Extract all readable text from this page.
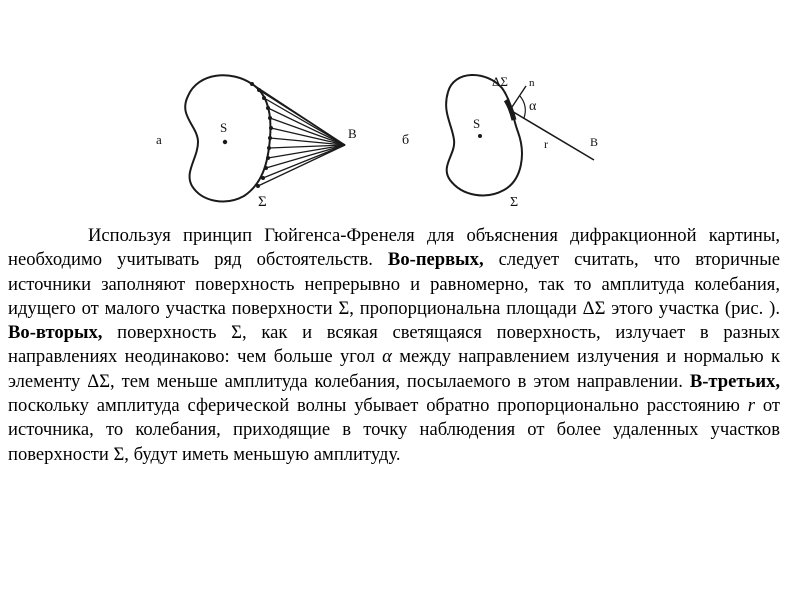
а
S	B
Σ
б
S
ΔΣ n
α
r	B
Σ

Используя принцип Гюйгенса-Френеля для объяснения дифракционной картины, необходимо учитывать ряд обстоятельств. Во-первых, следует считать, что вторичные источники заполняют поверхность непрерывно и равномерно, так то амплитуда колебания, идущего от малого участка поверхности Σ, пропорциональна площади ΔΣ этого участка (рис. ). Во-вторых, поверхность Σ, как и всякая светящаяся поверхность, излучает в разных направлениях неодинаково: чем больше угол α между направлением излучения и нормалью к элементу ΔΣ, тем меньше амплитуда колебания, посылаемого в этом направлении. В-третьих, поскольку амплитуда сферической волны убывает обратно пропорционально расстоянию r от источника, то колебания, приходящие в точку наблюдения от более удаленных участков поверхности Σ, будут иметь меньшую амплитуду.
